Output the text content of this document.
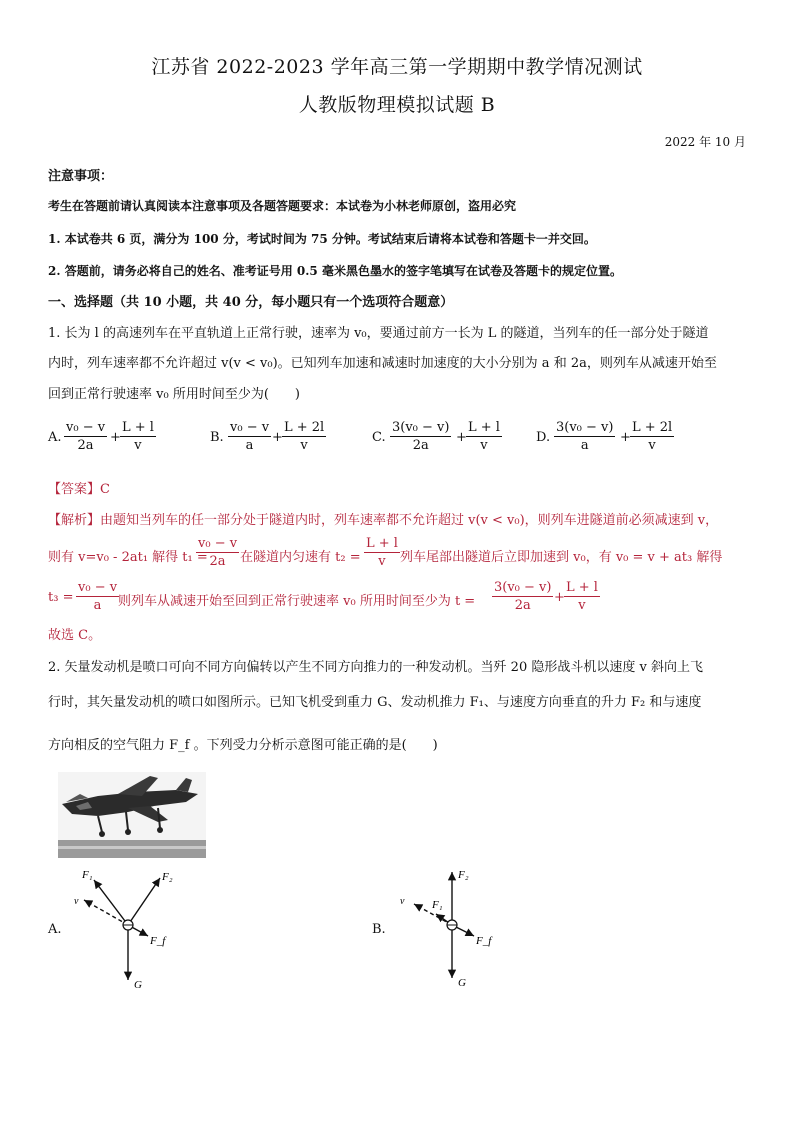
江苏省 2022-2023 学年高三第一学期期中教学情况测试
人教版物理模拟试题 B
2022 年 10 月
注意事项：
考生在答题前请认真阅读本注意事项及各题答题要求：本试卷为小林老师原创，盗用必究
1. 本试卷共 6 页，满分为 100 分，考试时间为 75 分钟。考试结束后请将本试卷和答题卡一并交回。
2. 答题前，请务必将自己的姓名、准考证号用 0.5 毫米黑色墨水的签字笔填写在试卷及答题卡的规定位置。
一、选择题（共 10 小题，共 40 分，每小题只有一个选项符合题意）
1. 长为 l 的高速列车在平直轨道上正常行驶，速率为 v₀，要通过前方一长为 L 的隧道，当列车的任一部分处于隧道
内时，列车速率都不允许超过 v(v < v₀)。已知列车加速和减速时加速度的大小分别为 a 和 2a，则列车从减速开始至
回到正常行驶速率 v₀ 所用时间至少为(　　)
A. $\frac{\text{v₀ − v}}{2a} + \frac{L + l}{v}$	B. $\frac{\text{v₀ − v}}{a} + \frac{L + 2l}{v}$	C. $\frac{\text{3(v₀ − v)}}{2a} + \frac{L + l}{v}$	D. $\frac{\text{3(v₀ − v)}}{a} + \frac{L + 2l}{v}$
【答案】C
【解析】由题知当列车的任一部分处于隧道内时，列车速率都不允许超过 v(v < v₀)，则列车进隧道前必须减速到 v，
则有 v=v₀ - 2at₁ 解得 t₁ =
$\frac{\text{v₀ − v}}{2a}$ 在隧道内匀速有 $t_2 = \frac{L + l}{v}$ 列车尾部出隧道后立即加速到 v₀，有 v₀ = v + at₃ 解得
$t_3 = \frac{\text{v₀ − v}}{a}$
则列车从减速开始至回到正常行驶速率 v₀ 所用时间至少为 $t = \frac{\text{3(v₀ − v)}}{2a} + \frac{L + l}{v}$
故选 C。
2. 矢量发动机是喷口可向不同方向偏转以产生不同方向推力的一种发动机。当歼 20 隐形战斗机以速度 v 斜向上飞
行时，其矢量发动机的喷口如图所示。已知飞机受到重力 G、发动机推力 F₁、与速度方向垂直的升力 F₂ 和与速度
方向相反的空气阻力 F_f 。下列受力分析示意图可能正确的是(　　)
A.
F₁	F₂
v
F_f
G
B.
F₂
v	F₁
F_f
G
